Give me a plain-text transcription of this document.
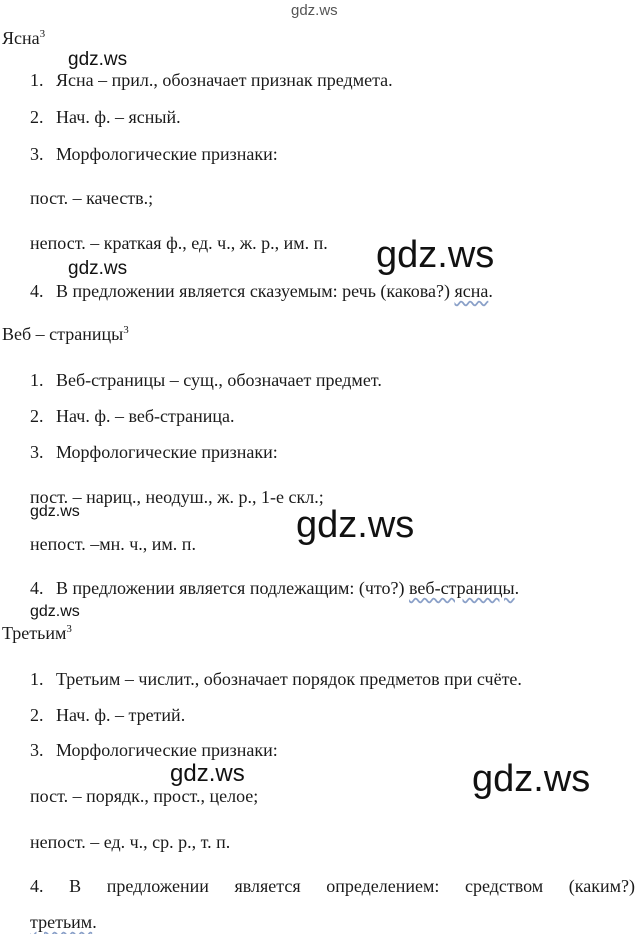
gdz.ws
gdz.ws
gdz.ws
gdz.ws
gdz.ws	gdz.ws
gdz.ws
gdz.ws	gdz.ws
Ясна$^3$
1. Ясна – прил., обозначает признак предмета.
2. Нач. ф. – ясный.
3. Морфологические признаки:
пост. – качеств.;
непост. – краткая ф., ед. ч., ж. р., им. п.
4. В предложении является сказуемым: речь (какова?) ясна.
Веб – страницы$^3$
1. Веб-страницы – сущ., обозначает предмет.
2. Нач. ф. – веб-страница.
3. Морфологические признаки:
пост. – нариц., неодуш., ж. р., 1-е скл.;
непост. –мн. ч., им. п.
4. В предложении является подлежащим: (что?) веб-страницы.
Третьим$^3$
1. Третьим – числит., обозначает порядок предметов при счёте.
2. Нач. ф. – третий.
3. Морфологические признаки:
пост. – порядк., прост., целое;
непост. – ед. ч., ср. р., т. п.
4. В предложении является определением: средством (каким?)
третьим.
